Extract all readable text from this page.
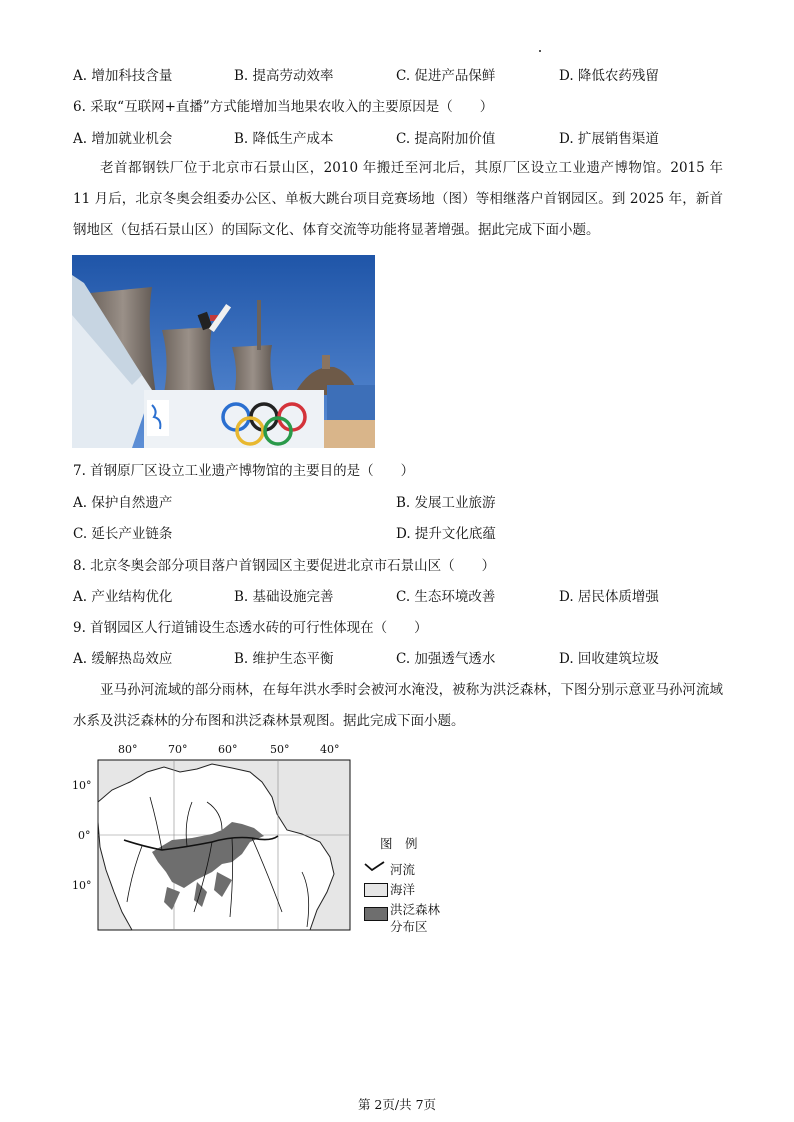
A. 增加科技含量	B. 提高劳动效率	C. 促进产品保鲜	D. 降低农药残留
6. 采取“互联网+直播”方式能增加当地果农收入的主要原因是（　　）
A. 增加就业机会	B. 降低生产成本	C. 提高附加价值	D. 扩展销售渠道
老首都钢铁厂位于北京市石景山区，2010 年搬迁至河北后，其原厂区设立工业遗产博物馆。2015 年 11 月后，北京冬奥会组委办公区、单板大跳台项目竞赛场地（图）等相继落户首钢园区。到 2025 年，新首钢地区（包括石景山区）的国际文化、体育交流等功能将显著增强。据此完成下面小题。
7. 首钢原厂区设立工业遗产博物馆的主要目的是（　　）
A. 保护自然遗产	B. 发展工业旅游
C. 延长产业链条	D. 提升文化底蕴
8. 北京冬奥会部分项目落户首钢园区主要促进北京市石景山区（　　）
A. 产业结构优化	B. 基础设施完善	C. 生态环境改善	D. 居民体质增强
9. 首钢园区人行道铺设生态透水砖的可行性体现在（　　）
A. 缓解热岛效应	B. 维护生态平衡	C. 加强透气透水	D. 回收建筑垃圾
亚马孙河流域的部分雨林，在每年洪水季时会被河水淹没，被称为洪泛森林，下图分别示意亚马孙河流域水系及洪泛森林的分布图和洪泛森林景观图。据此完成下面小题。
80°	70°	60°	50°	40°
10°
0°
10°
图　例
河流
海洋
洪泛森林
分布区
第 2页/共 7页
